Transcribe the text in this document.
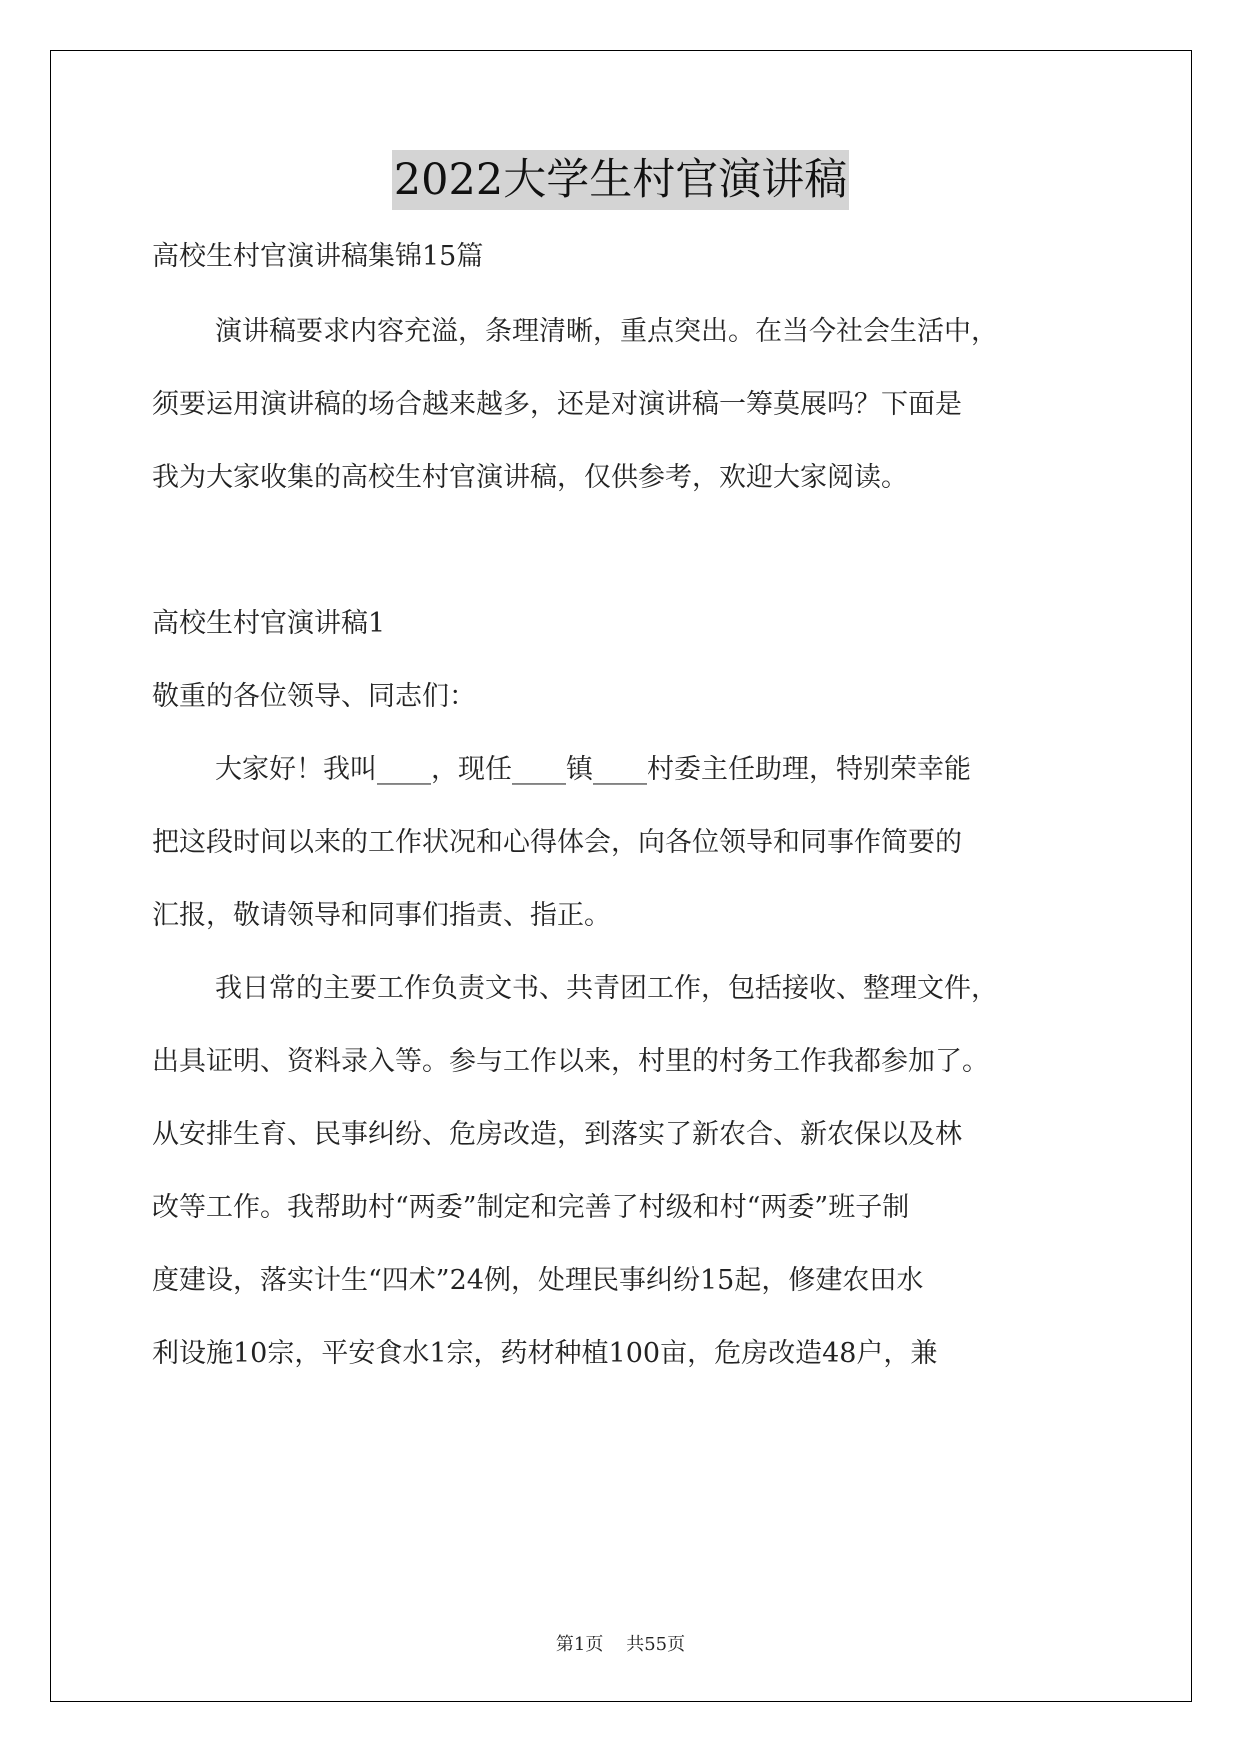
2022大学生村官演讲稿
高校生村官演讲稿集锦15篇
演讲稿要求内容充溢，条理清晰，重点突出。在当今社会生活中，
须要运用演讲稿的场合越来越多，还是对演讲稿一筹莫展吗？下面是
我为大家收集的高校生村官演讲稿，仅供参考，欢迎大家阅读。
高校生村官演讲稿1
敬重的各位领导、同志们：
大家好！我叫____，现任____镇____村委主任助理，特别荣幸能
把这段时间以来的工作状况和心得体会，向各位领导和同事作简要的
汇报，敬请领导和同事们指责、指正。
我日常的主要工作负责文书、共青团工作，包括接收、整理文件，
出具证明、资料录入等。参与工作以来，村里的村务工作我都参加了。
从安排生育、民事纠纷、危房改造，到落实了新农合、新农保以及林
改等工作。我帮助村“两委”制定和完善了村级和村“两委”班子制
度建设，落实计生“四术”24例，处理民事纠纷15起，修建农田水
利设施10宗，平安食水1宗，药材种植100亩，危房改造48户，兼
第1页 共55页
